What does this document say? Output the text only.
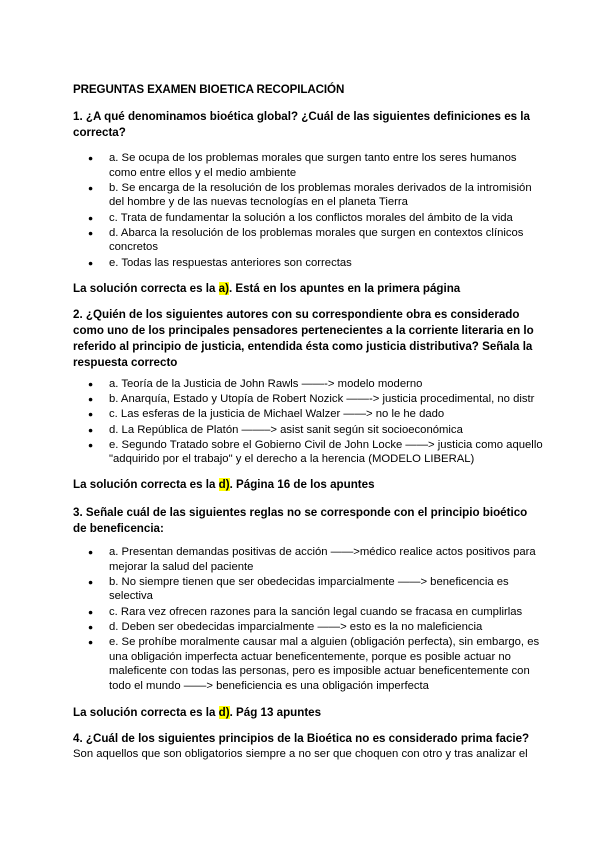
PREGUNTAS EXAMEN BIOETICA RECOPILACIÓN
1. ¿A qué denominamos bioética global? ¿Cuál de las siguientes definiciones es la correcta?
● a. Se ocupa de los problemas morales que surgen tanto entre los seres humanos como entre ellos y el medio ambiente
● b. Se encarga de la resolución de los problemas morales derivados de la intromisión del hombre y de las nuevas tecnologías en el planeta Tierra
● c. Trata de fundamentar la solución a los conflictos morales del ámbito de la vida
● d. Abarca la resolución de los problemas morales que surgen en contextos clínicos concretos
● e. Todas las respuestas anteriores son correctas
La solución correcta es la a). Está en los apuntes en la primera página
2. ¿Quién de los siguientes autores con su correspondiente obra es considerado como uno de los principales pensadores pertenecientes a la corriente literaria en lo referido al principio de justicia, entendida ésta como justicia distributiva? Señala la respuesta correcto
● a. Teoría de la Justicia de John Rawls ——-> modelo moderno
● b. Anarquía, Estado y Utopía de Robert Nozick ——-> justicia procedimental, no distr
● c. Las esferas de la justicia de Michael Walzer ——> no le he dado
● d. La República de Platón ——–> asist sanit según sit socioeconómica
● e. Segundo Tratado sobre el Gobierno Civil de John Locke ——> justicia como aquello "adquirido por el trabajo" y el derecho a la herencia (MODELO LIBERAL)
La solución correcta es la d). Página 16 de los apuntes
3. Señale cuál de las siguientes reglas no se corresponde con el principio bioético de beneficencia:
● a. Presentan demandas positivas de acción ——>médico realice actos positivos para mejorar la salud del paciente
● b. No siempre tienen que ser obedecidas imparcialmente ——> beneficencia es selectiva
● c. Rara vez ofrecen razones para la sanción legal cuando se fracasa en cumplirlas
● d. Deben ser obedecidas imparcialmente ——> esto es la no maleficiencia
● e. Se prohíbe moralmente causar mal a alguien (obligación perfecta), sin embargo, es una obligación imperfecta actuar beneficentemente, porque es posible actuar no maleficente con todas las personas, pero es imposible actuar beneficentemente con todo el mundo ——> beneficiencia es una obligación imperfecta
La solución correcta es la d). Pág 13 apuntes
4. ¿Cuál de los siguientes principios de la Bioética no es considerado prima facie?
Son aquellos que son obligatorios siempre a no ser que choquen con otro y tras analizar el
